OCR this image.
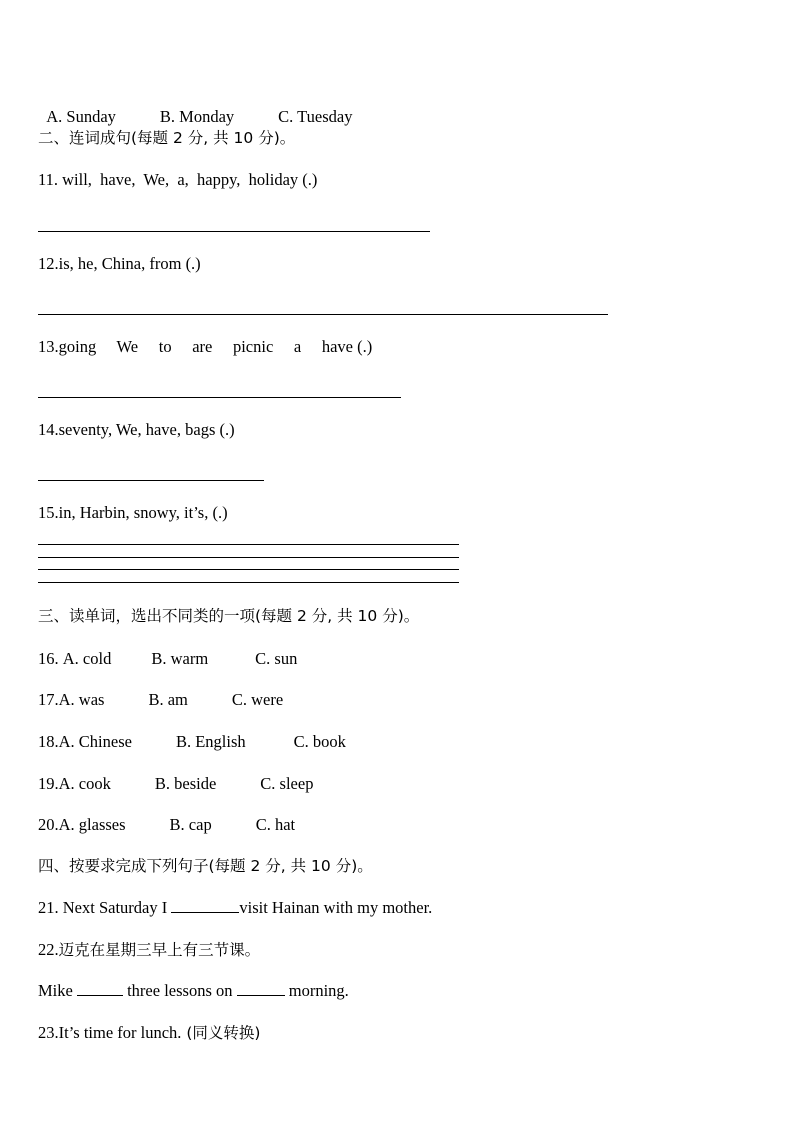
A. Sunday	B. Monday	C. Tuesday

二、连词成句(每题 2 分, 共 10 分)。
11. will,  have,  We,  a,  happy,  holiday (.)
12.is, he, China, from (.)
13.going     We     to     are     picnic     a     have (.)
14.seventy, We, have, bags (.)
15.in, Harbin, snowy, it’s, (.)
三、读单词，选出不同类的一项(每题 2 分, 共 10 分)。
16. A. cold B. warm	C. sun
17.A. was	B. am	C. were
18.A. Chinese	B. English	C. book
19.A. cook	B. beside	C. sleep
20.A. glasses	B. cap	C. hat
四、按要求完成下列句子(每题 2 分, 共 10 分)。
21. Next Saturday I	visit Hainan with my mother.
22.迈克在星期三早上有三节课。
Mike	three lessons on	morning.
23.It’s time for lunch. (同义转换)
